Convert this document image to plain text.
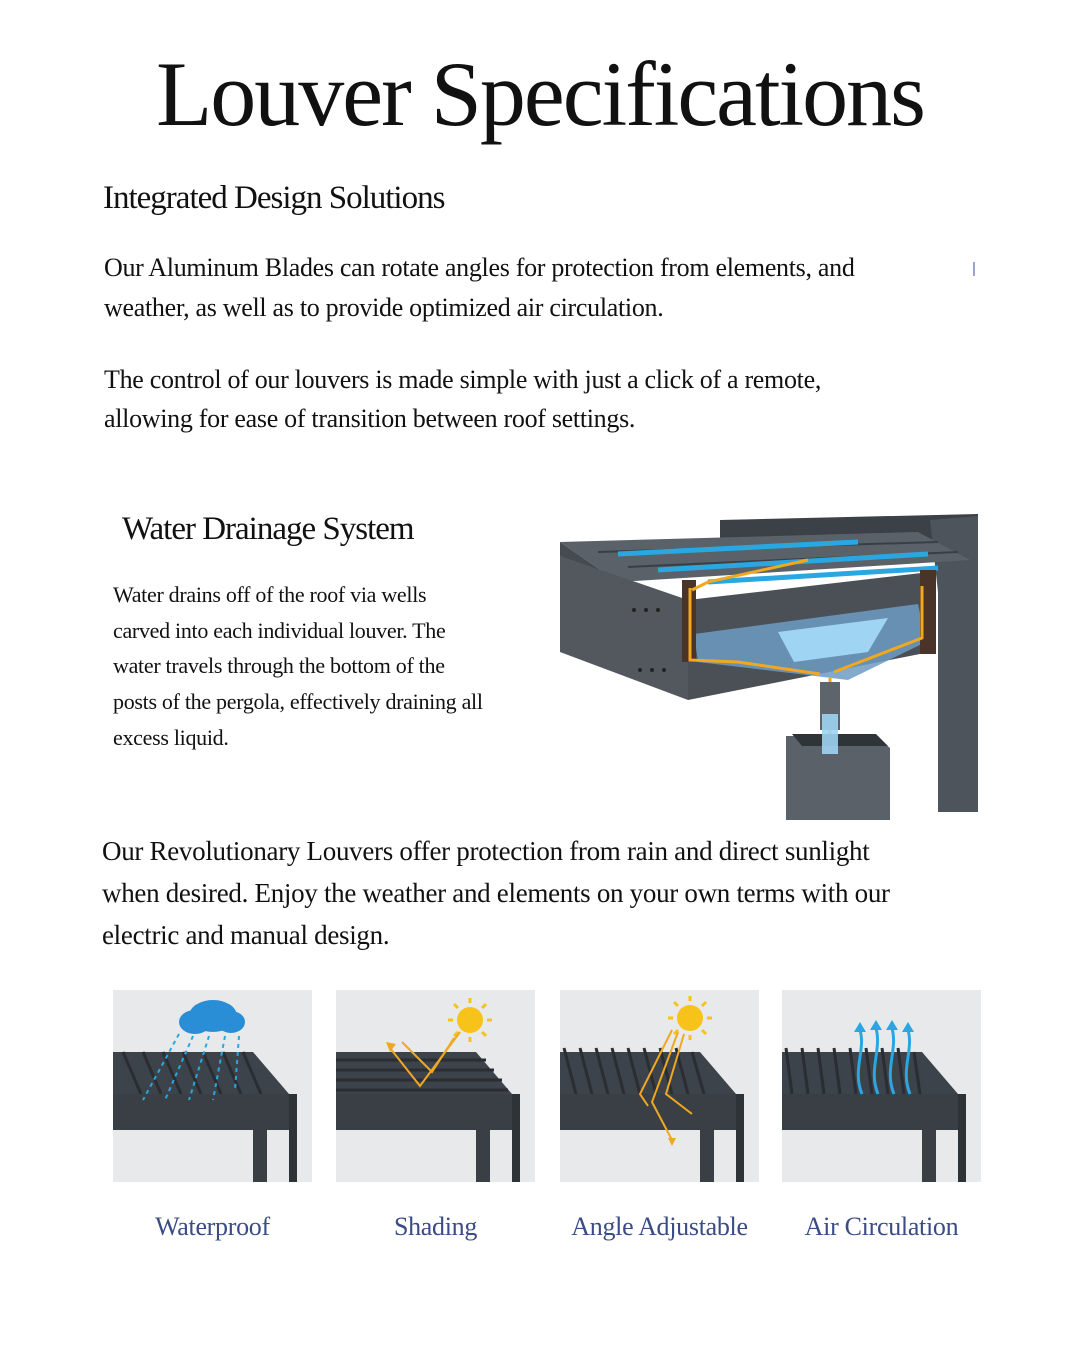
Louver Specifications
Integrated Design Solutions

Our Aluminum Blades can rotate angles for protection from elements, and

weather, as well as to provide optimized air circulation.

The control of our louvers is made simple with just a click of a remote,

allowing for ease of transition between roof settings.

Water Drainage System

Water drains off of the roof via wells

carved into each individual louver. The

water travels through the bottom of the

posts of the pergola, effectively draining all

excess liquid.

Our Revolutionary Louvers offer protection from rain and direct sunlight

when desired. Enjoy the weather and elements on your own terms with our

electric and manual design.

Waterproof	Shading	Angle Adjustable	Air Circulation
